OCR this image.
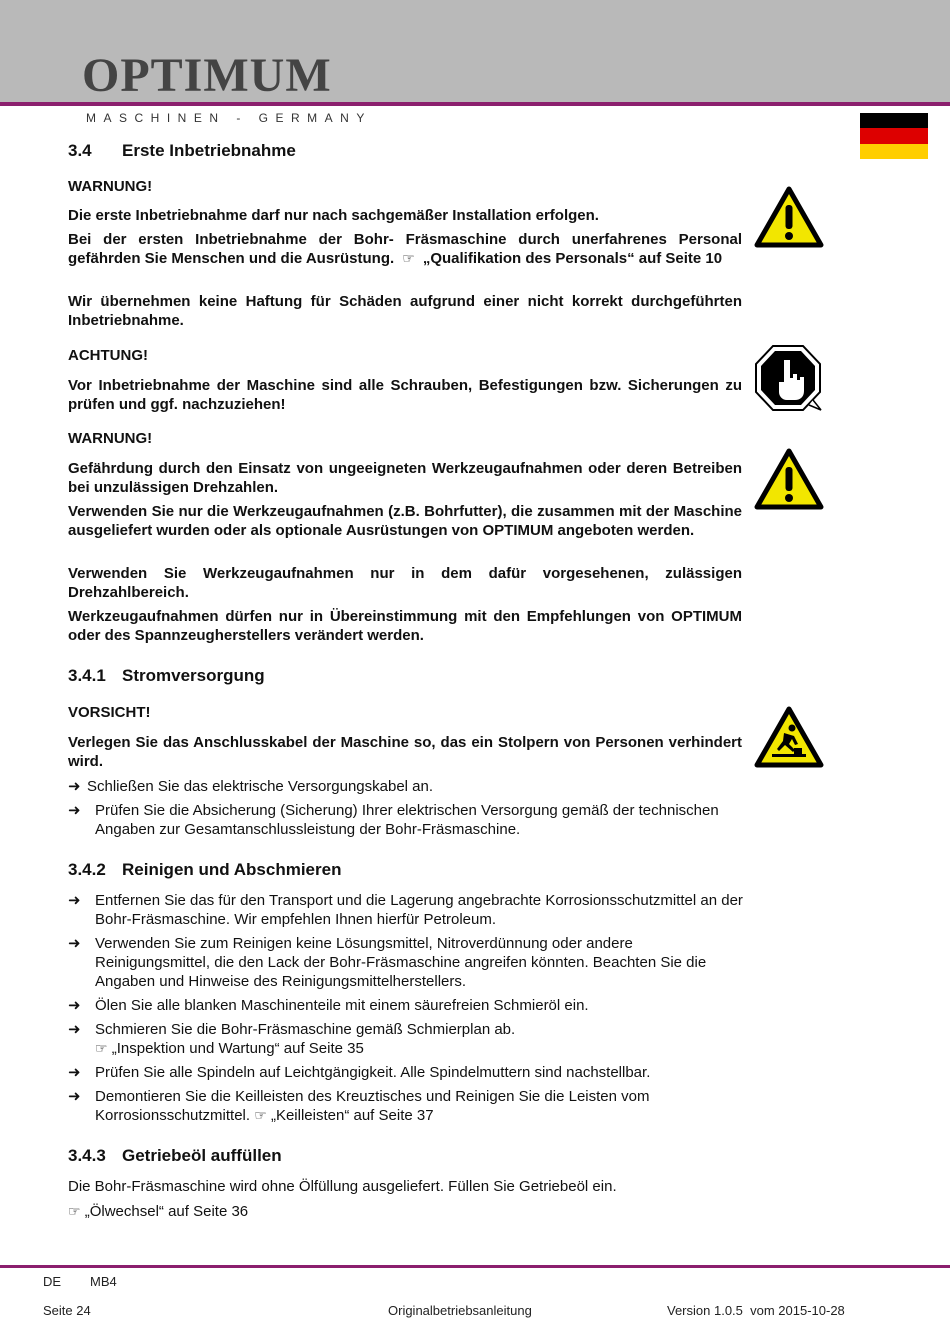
OPTIMUM
MASCHINEN - GERMANY
3.4 Erste Inbetriebnahme
WARNUNG!
Die erste Inbetriebnahme darf nur nach sachgemäßer Installation erfolgen.
Bei der ersten Inbetriebnahme der Bohr- Fräsmaschine durch unerfahrenes Personal gefährden Sie Menschen und die Ausrüstung.  ☞  „Qualifikation des Personals“ auf Seite 10
Wir übernehmen keine Haftung für Schäden aufgrund einer nicht korrekt durchgeführten Inbetriebnahme.
ACHTUNG!
Vor Inbetriebnahme der Maschine sind alle Schrauben, Befestigungen bzw. Sicherungen zu prüfen und ggf. nachzuziehen!
WARNUNG!
Gefährdung durch den Einsatz von ungeeigneten Werkzeugaufnahmen oder deren Betreiben bei unzulässigen Drehzahlen.
Verwenden Sie nur die Werkzeugaufnahmen (z.B. Bohrfutter), die zusammen mit der Maschine ausgeliefert wurden oder als optionale Ausrüstungen von OPTIMUM angeboten werden.
Verwenden Sie Werkzeugaufnahmen nur in dem dafür vorgesehenen, zulässigen Drehzahlbereich.
Werkzeugaufnahmen dürfen nur in Übereinstimmung mit den Empfehlungen von OPTIMUM oder des Spannzeugherstellers verändert werden.
3.4.1 Stromversorgung
VORSICHT!
Verlegen Sie das Anschlusskabel der Maschine so, das ein Stolpern von Personen verhindert wird.
➜ Schließen Sie das elektrische Versorgungskabel an.
➜ Prüfen Sie die Absicherung (Sicherung) Ihrer elektrischen Versorgung gemäß der technischen Angaben zur Gesamtanschlussleistung der Bohr-Fräsmaschine.
3.4.2 Reinigen und Abschmieren
➜ Entfernen Sie das für den Transport und die Lagerung angebrachte Korrosionsschutzmittel an der Bohr-Fräsmaschine. Wir empfehlen Ihnen hierfür Petroleum.
➜ Verwenden Sie zum Reinigen keine Lösungsmittel, Nitroverdünnung oder andere Reinigungsmittel, die den Lack der Bohr-Fräsmaschine angreifen könnten. Beachten Sie die Angaben und Hinweise des Reinigungsmittelherstellers.
➜ Ölen Sie alle blanken Maschinenteile mit einem säurefreien Schmieröl ein.
➜ Schmieren Sie die Bohr-Fräsmaschine gemäß Schmierplan ab.
☞ „Inspektion und Wartung“ auf Seite 35
➜ Prüfen Sie alle Spindeln auf Leichtgängigkeit. Alle Spindelmuttern sind nachstellbar.
➜ Demontieren Sie die Keilleisten des Kreuztisches und Reinigen Sie die Leisten vom Korrosionsschutzmittel. ☞ „Keilleisten“ auf Seite 37
3.4.3 Getriebeöl auffüllen
Die Bohr-Fräsmaschine wird ohne Ölfüllung ausgeliefert. Füllen Sie Getriebeöl ein.
☞ „Ölwechsel“ auf Seite 36
DE MB4
Seite 24	Originalbetriebsanleitung	Version 1.0.5  vom 2015-10-28
